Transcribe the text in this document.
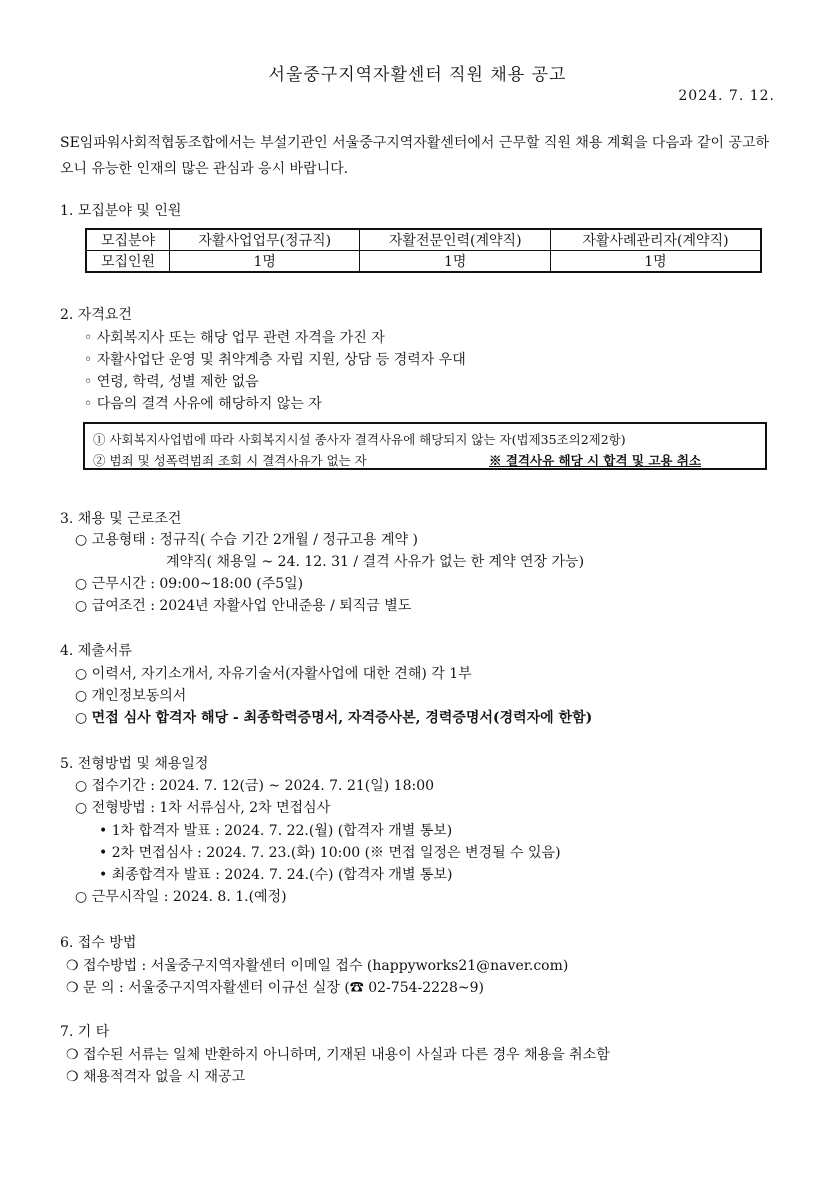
서울중구지역자활센터 직원 채용 공고
2024. 7. 12.
SE임파워사회적협동조합에서는 부설기관인 서울중구지역자활센터에서 근무할 직원 채용 계획을 다음과 같이 공고하오니 유능한 인재의 많은 관심과 응시 바랍니다.
1. 모집분야 및 인원
모집분야	자활사업업무(정규직)	자활전문인력(계약직)	자활사례관리자(계약직)
모집인원	1명	1명	1명
2. 자격요건
◦ 사회복지사 또는 해당 업무 관련 자격을 가진 자
◦ 자활사업단 운영 및 취약계층 자립 지원, 상담 등 경력자 우대
◦ 연령, 학력, 성별 제한 없음
◦ 다음의 결격 사유에 해당하지 않는 자
① 사회복지사업법에 따라 사회복지시설 종사자 결격사유에 해당되지 않는 자(법제35조의2제2항)
② 범죄 및 성폭력범죄 조회 시 결격사유가 없는 자	※ 결격사유 해당 시 합격 및 고용 취소
3. 채용 및 근로조건
○ 고용형태 : 정규직( 수습 기간 2개월 / 정규고용 계약 )
계약직( 채용일 ~ 24. 12. 31 / 결격 사유가 없는 한 계약 연장 가능)
○ 근무시간 : 09:00~18:00 (주5일)
○ 급여조건 : 2024년 자활사업 안내준용 / 퇴직금 별도
4. 제출서류
○ 이력서, 자기소개서, 자유기술서(자활사업에 대한 견해) 각 1부
○ 개인정보동의서
○ 면접 심사 합격자 해당 - 최종학력증명서, 자격증사본, 경력증명서(경력자에 한함)
5. 전형방법 및 채용일정
○ 접수기간 : 2024. 7. 12(금) ~ 2024. 7. 21(일) 18:00
○ 전형방법 : 1차 서류심사, 2차 면접심사
• 1차 합격자 발표 : 2024. 7. 22.(월) (합격자 개별 통보)
• 2차 면접심사 : 2024. 7. 23.(화) 10:00 (※ 면접 일정은 변경될 수 있음)
• 최종합격자 발표 : 2024. 7. 24.(수) (합격자 개별 통보)
○ 근무시작일 : 2024. 8. 1.(예정)
6. 접수 방법
❍ 접수방법 : 서울중구지역자활센터 이메일 접수 (happyworks21@naver.com)
❍ 문 의 : 서울중구지역자활센터 이규선 실장 (☎ 02-754-2228~9)
7. 기 타
❍ 접수된 서류는 일체 반환하지 아니하며, 기재된 내용이 사실과 다른 경우 채용을 취소함
❍ 채용적격자 없을 시 재공고
